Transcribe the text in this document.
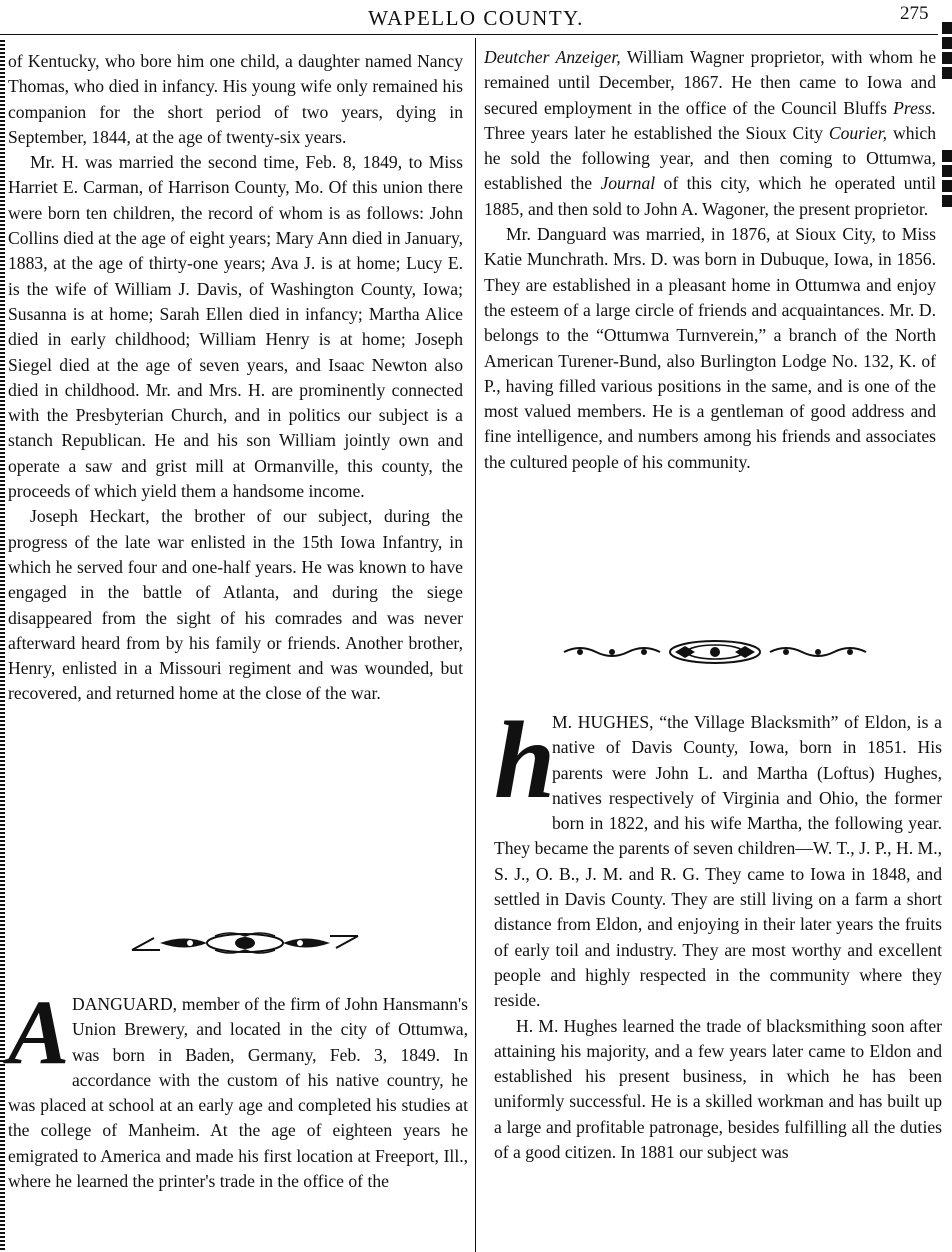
WAPELLO COUNTY.	275

of Kentucky, who bore him one child, a daughter named Nancy Thomas, who died in infancy. His young wife only remained his companion for the short period of two years, dying in September, 1844, at the age of twenty-six years.

Mr. H. was married the second time, Feb. 8, 1849, to Miss Harriet E. Carman, of Harrison County, Mo. Of this union there were born ten children, the record of whom is as follows: John Collins died at the age of eight years; Mary Ann died in January, 1883, at the age of thirty-one years; Ava J. is at home; Lucy E. is the wife of William J. Davis, of Washington County, Iowa; Susanna is at home; Sarah Ellen died in infancy; Martha Alice died in early childhood; William Henry is at home; Joseph Siegel died at the age of seven years, and Isaac Newton also died in childhood. Mr. and Mrs. H. are prominently connected with the Presbyterian Church, and in politics our subject is a stanch Republican. He and his son William jointly own and operate a saw and grist mill at Ormanville, this county, the proceeds of which yield them a handsome income.

Joseph Heckart, the brother of our subject, during the progress of the late war enlisted in the 15th Iowa Infantry, in which he served four and one-half years. He was known to have engaged in the battle of Atlanta, and during the siege disappeared from the sight of his comrades and was never afterward heard from by his family or friends. Another brother, Henry, enlisted in a Missouri regiment and was wounded, but recovered, and returned home at the close of the war.

A DANGUARD, member of the firm of John Hansmann's Union Brewery, and located in the city of Ottumwa, was born in Baden, Germany, Feb. 3, 1849. In accordance with the custom of his native country, he was placed at school at an early age and completed his studies at the college of Manheim. At the age of eighteen years he emigrated to America and made his first location at Freeport, Ill., where he learned the printer's trade in the office of the

Deutcher Anzeiger, William Wagner proprietor, with whom he remained until December, 1867. He then came to Iowa and secured employment in the office of the Council Bluffs Press. Three years later he established the Sioux City Courier, which he sold the following year, and then coming to Ottumwa, established the Journal of this city, which he operated until 1885, and then sold to John A. Wagoner, the present proprietor.

Mr. Danguard was married, in 1876, at Sioux City, to Miss Katie Munchrath. Mrs. D. was born in Dubuque, Iowa, in 1856. They are established in a pleasant home in Ottumwa and enjoy the esteem of a large circle of friends and acquaintances. Mr. D. belongs to the “Ottumwa Turnverein,” a branch of the North American Turener-Bund, also Burlington Lodge No. 132, K. of P., having filled various positions in the same, and is one of the most valued members. He is a gentleman of good address and fine intelligence, and numbers among his friends and associates the cultured people of his community.

h

M. HUGHES, “the Village Blacksmith” of Eldon, is a native of Davis County, Iowa, born in 1851. His parents were John L. and Martha (Loftus) Hughes, natives respectively of Virginia and Ohio, the former born in 1822, and his wife Martha, the following year. They became the parents of seven children—W. T., J. P., H. M., S. J., O. B., J. M. and R. G. They came to Iowa in 1848, and settled in Davis County. They are still living on a farm a short distance from Eldon, and enjoying in their later years the fruits of early toil and industry. They are most worthy and excellent people and highly respected in the community where they reside.

H. M. Hughes learned the trade of blacksmithing soon after attaining his majority, and a few years later came to Eldon and established his present business, in which he has been uniformly successful. He is a skilled workman and has built up a large and profitable patronage, besides fulfilling all the duties of a good citizen. In 1881 our subject was
